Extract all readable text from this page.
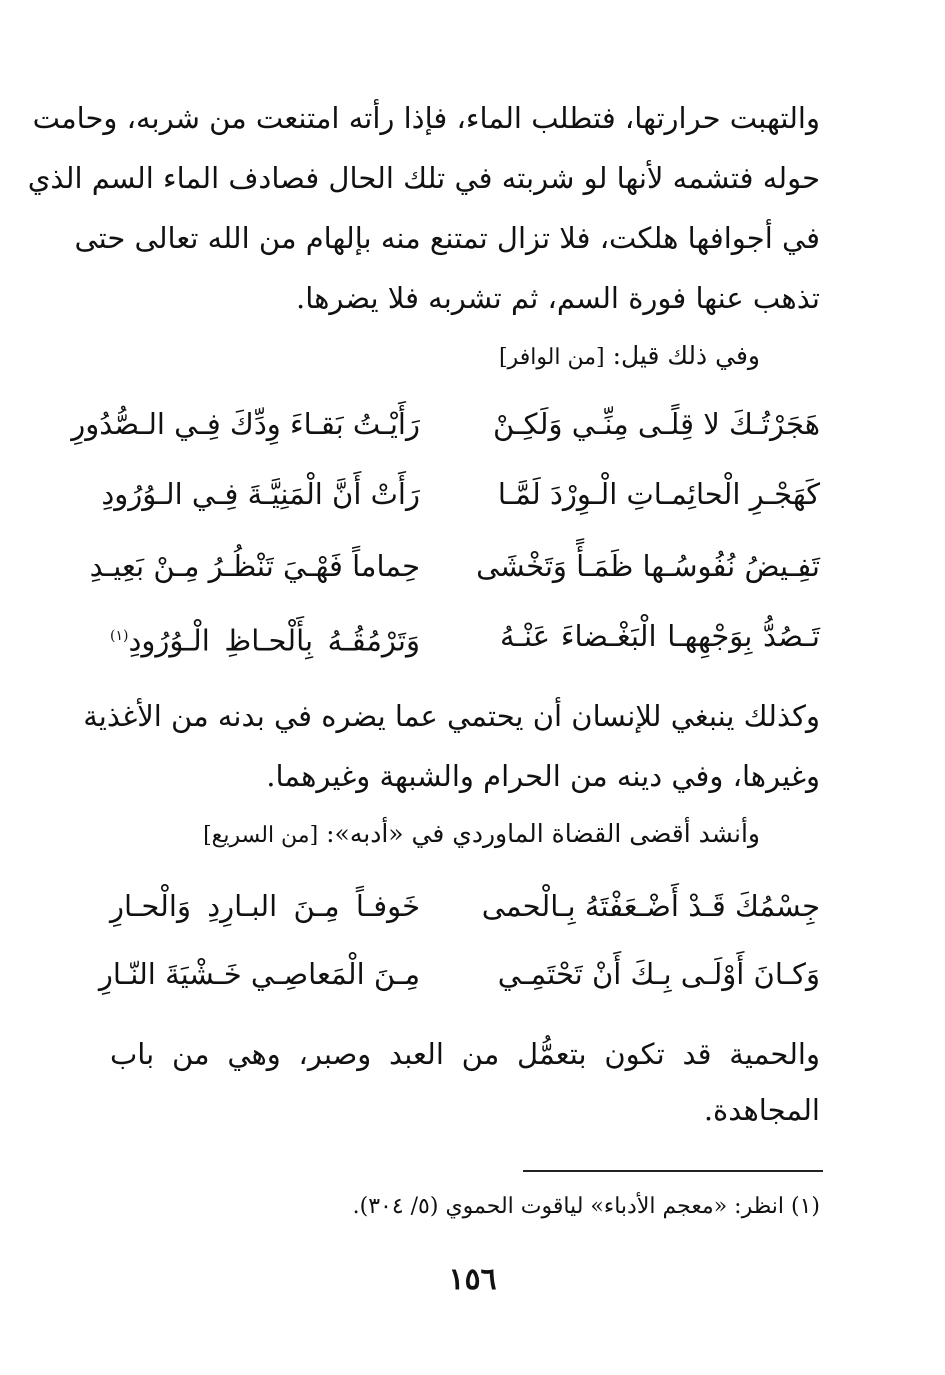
والتهبت حرارتها، فتطلب الماء، فإذا رأته امتنعت من شربه، وحامت
حوله فتشمه لأنها لو شربته في تلك الحال فصادف الماء السم الذي
في أجوافها هلكت، فلا تزال تمتنع منه بإلهام من الله تعالى حتى
تذهب عنها فورة السم، ثم تشربه فلا يضرها.
وفي ذلك قيل: [من الوافر]
هَجَرْتُـكَ لا قِلًـى مِنِّـي وَلَكِـنْ
رَأَيْـتُ بَقـاءَ وِدِّكَ فِـي الـصُّدُورِ
كَهَجْـرِ الْحائِمـاتِ الْـوِرْدَ لَمَّـا
رَأَتْ أَنَّ الْمَنِيَّـةَ فِـي الـوُرُودِ
تَفِـيضُ نُفُوسُـها ظَمَـأً وَتَخْشَى
حِماماً فَهْـيَ تَنْظُـرُ مِـنْ بَعِيـدِ
تَـصُدُّ بِوَجْهِهـا الْبَغْـضاءَ عَنْـهُ
وَتَرْمُقُـهُ بِأَلْحـاظِ الْـوُرُودِ$^{(١)}$
وكذلك ينبغي للإنسان أن يحتمي عما يضره في بدنه من الأغذية
وغيرها، وفي دينه من الحرام والشبهة وغيرهما.
وأنشد أقضى القضاة الماوردي في «أدبه»: [من السريع]
جِسْمُكَ قَـدْ أَضْـعَفْتَهُ بِـالْحمى
خَوفـاً مِـنَ البـارِدِ وَالْحـارِ
وَكـانَ أَوْلَـى بِـكَ أَنْ تَحْتَمِـي
مِـنَ الْمَعاصِـي خَـشْيَةَ النّـارِ
والحمية قد تكون بتعمُّل من العبد وصبر، وهي من باب
المجاهدة.
(١) انظر: «معجم الأدباء» لياقوت الحموي (٥/ ٣٠٤).
١٥٦
